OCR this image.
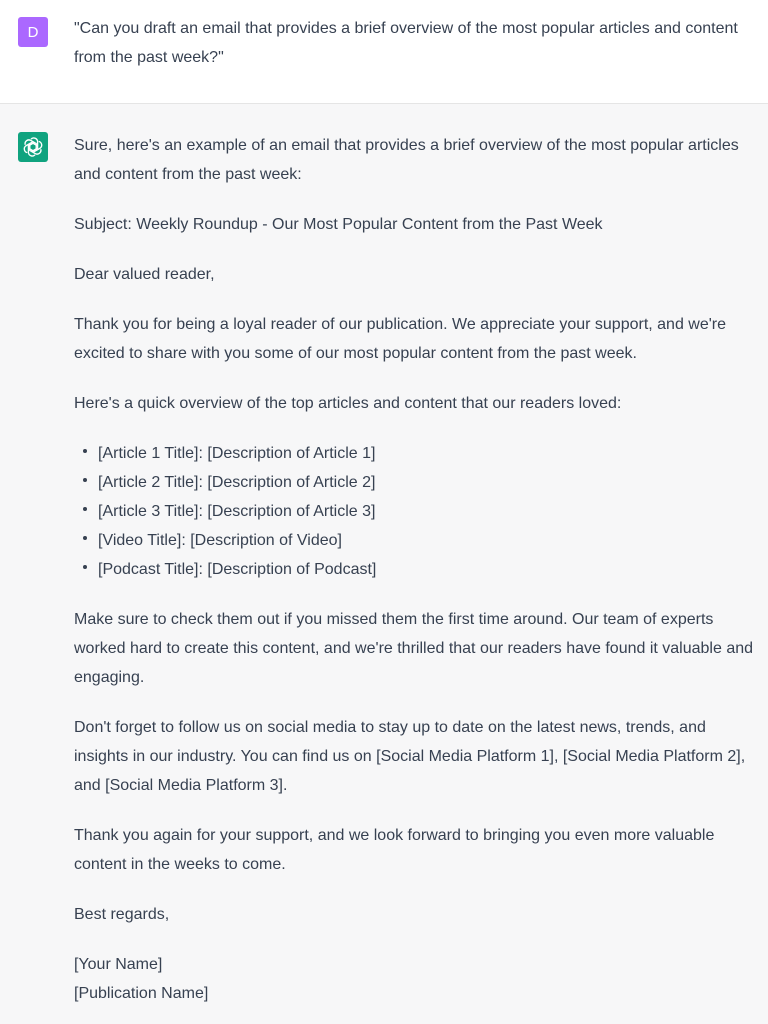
D "Can you draft an email that provides a brief overview of the most popular articles and content from the past week?"

Sure, here's an example of an email that provides a brief overview of the most popular articles and content from the past week:

Subject: Weekly Roundup - Our Most Popular Content from the Past Week

Dear valued reader,

Thank you for being a loyal reader of our publication. We appreciate your support, and we're excited to share with you some of our most popular content from the past week.

Here's a quick overview of the top articles and content that our readers loved:

[Article 1 Title]: [Description of Article 1]
[Article 2 Title]: [Description of Article 2]
[Article 3 Title]: [Description of Article 3]
[Video Title]: [Description of Video]
[Podcast Title]: [Description of Podcast]

Make sure to check them out if you missed them the first time around. Our team of experts worked hard to create this content, and we're thrilled that our readers have found it valuable and engaging.

Don't forget to follow us on social media to stay up to date on the latest news, trends, and insights in our industry. You can find us on [Social Media Platform 1], [Social Media Platform 2], and [Social Media Platform 3].

Thank you again for your support, and we look forward to bringing you even more valuable content in the weeks to come.

Best regards,

[Your Name]

[Publication Name]
